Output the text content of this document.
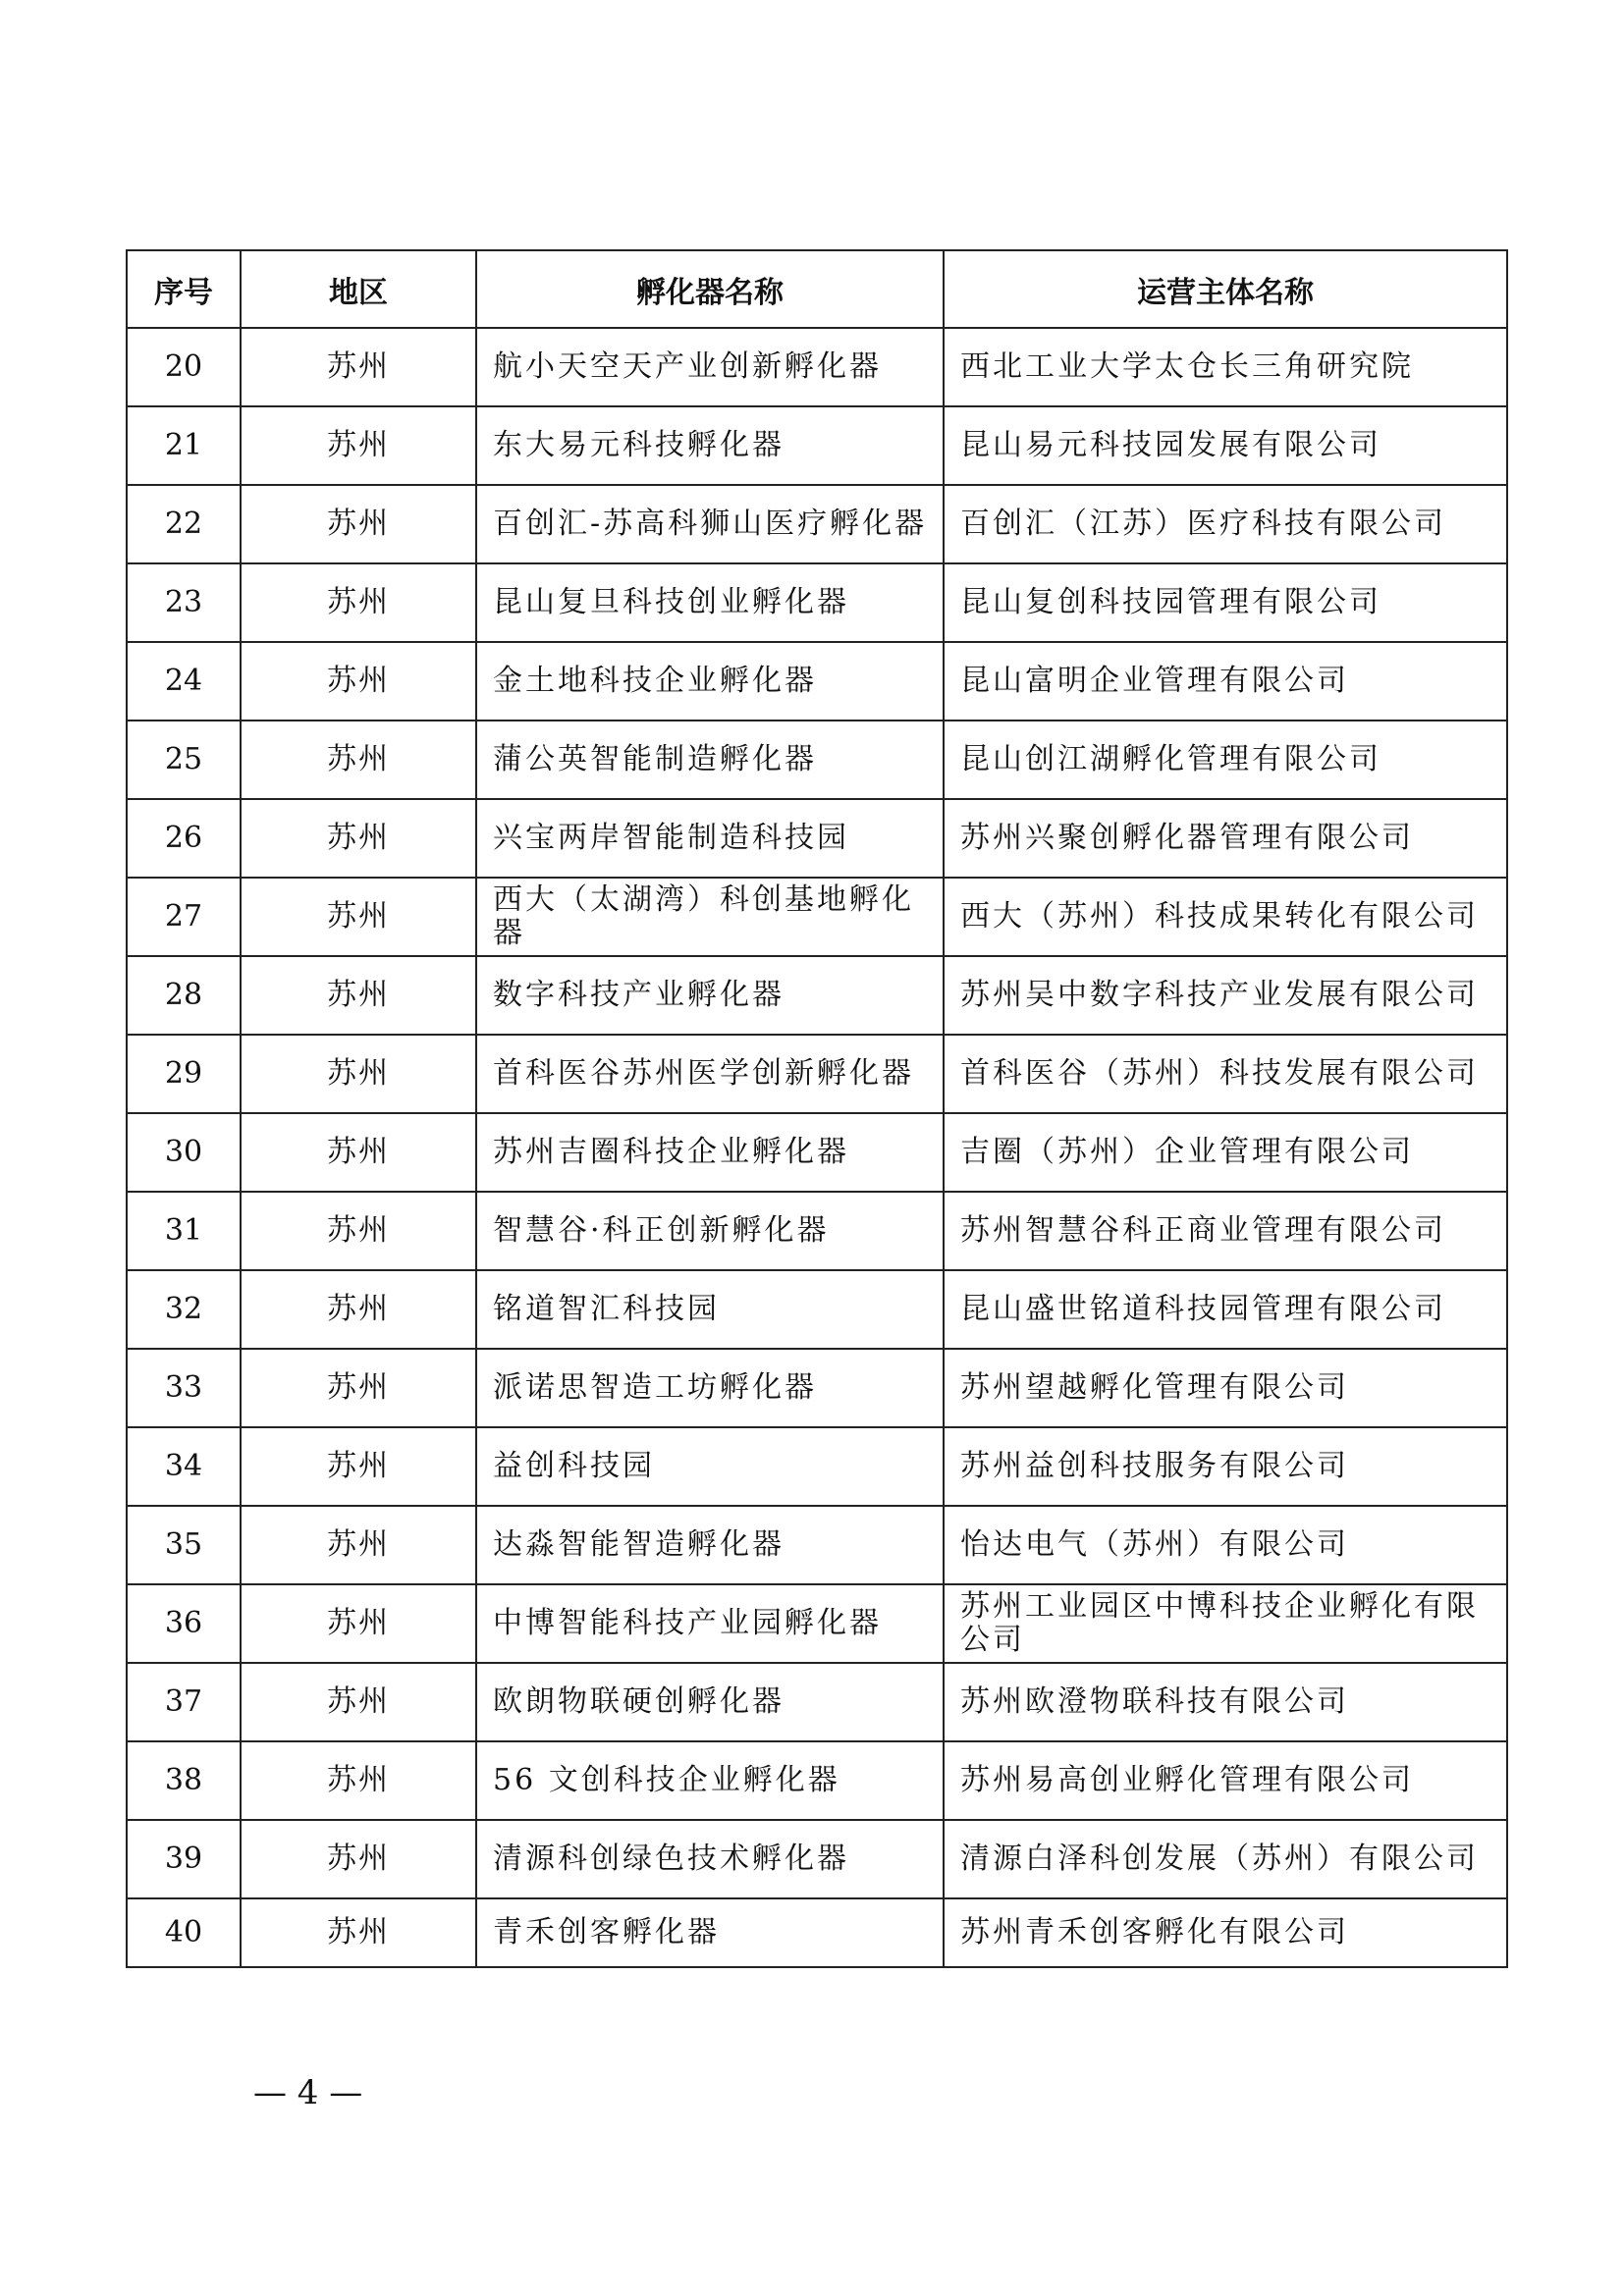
序号	地区	孵化器名称	运营主体名称
20	苏州	航小天空天产业创新孵化器	西北工业大学太仓长三角研究院
21	苏州	东大易元科技孵化器	昆山易元科技园发展有限公司
22	苏州	百创汇-苏高科狮山医疗孵化器	百创汇（江苏）医疗科技有限公司
23	苏州	昆山复旦科技创业孵化器	昆山复创科技园管理有限公司
24	苏州	金土地科技企业孵化器	昆山富明企业管理有限公司
25	苏州	蒲公英智能制造孵化器	昆山创江湖孵化管理有限公司
26	苏州	兴宝两岸智能制造科技园	苏州兴聚创孵化器管理有限公司
27	苏州	西大（太湖湾）科创基地孵化器	西大（苏州）科技成果转化有限公司
28	苏州	数字科技产业孵化器	苏州吴中数字科技产业发展有限公司
29	苏州	首科医谷苏州医学创新孵化器	首科医谷（苏州）科技发展有限公司
30	苏州	苏州吉圈科技企业孵化器	吉圈（苏州）企业管理有限公司
31	苏州	智慧谷·科正创新孵化器	苏州智慧谷科正商业管理有限公司
32	苏州	铭道智汇科技园	昆山盛世铭道科技园管理有限公司
33	苏州	派诺思智造工坊孵化器	苏州望越孵化管理有限公司
34	苏州	益创科技园	苏州益创科技服务有限公司
35	苏州	达淼智能智造孵化器	怡达电气（苏州）有限公司
36	苏州	中博智能科技产业园孵化器	苏州工业园区中博科技企业孵化有限公司
37	苏州	欧朗物联硬创孵化器	苏州欧澄物联科技有限公司
38	苏州	56 文创科技企业孵化器	苏州易高创业孵化管理有限公司
39	苏州	清源科创绿色技术孵化器	清源白泽科创发展（苏州）有限公司
40	苏州	青禾创客孵化器	苏州青禾创客孵化有限公司
— 4 —
